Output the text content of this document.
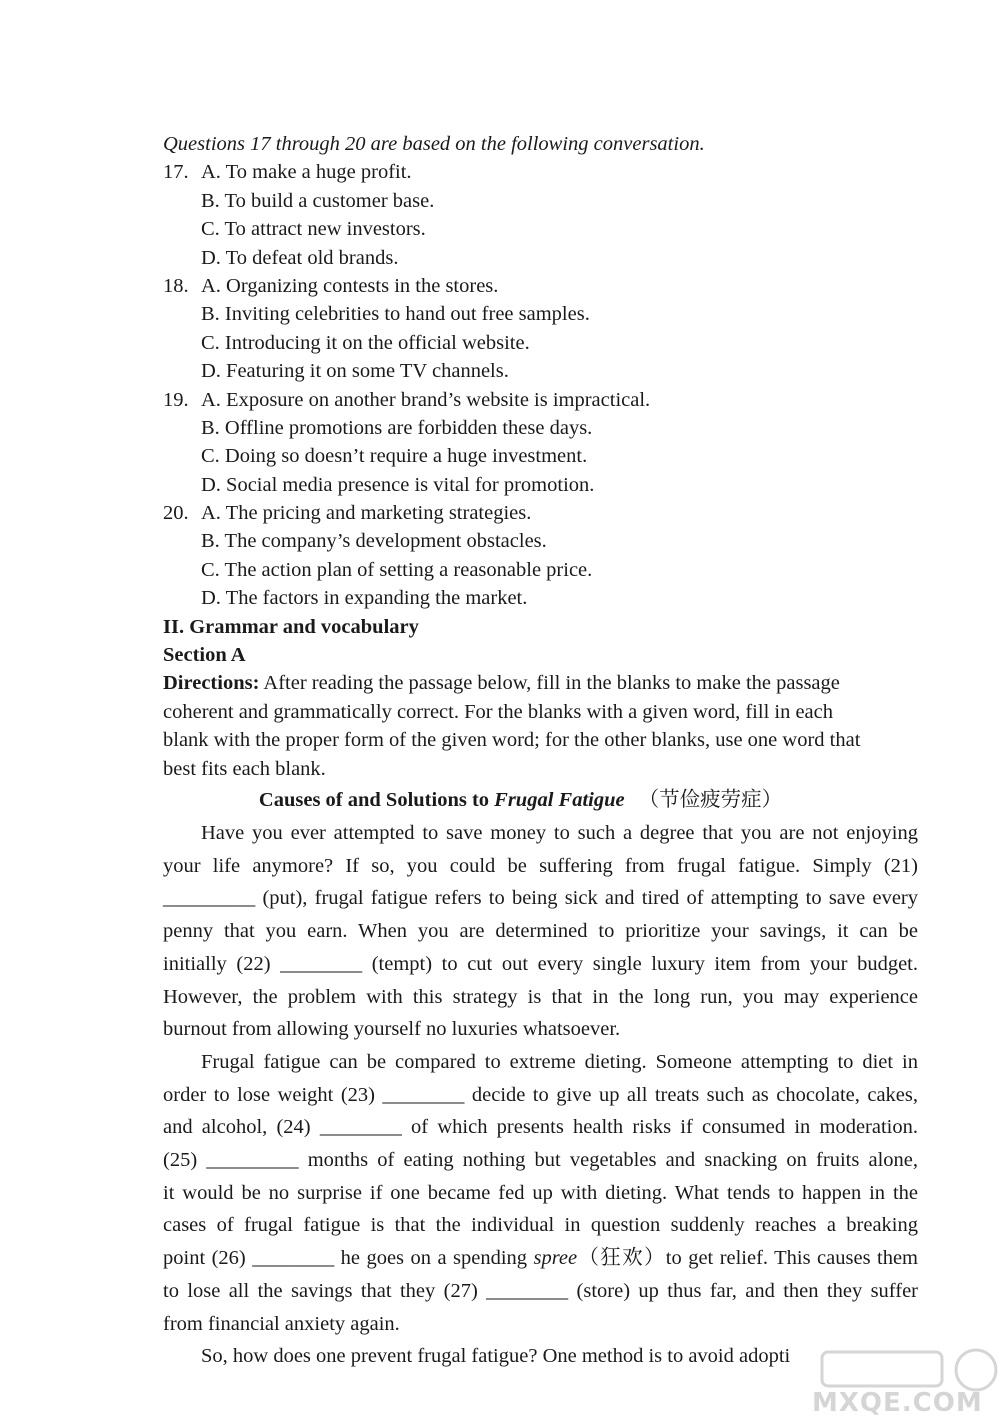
Questions 17 through 20 are based on the following conversation.
17. A. To make a huge profit.
B. To build a customer base.
C. To attract new investors.
D. To defeat old brands.
18. A. Organizing contests in the stores.
B. Inviting celebrities to hand out free samples.
C. Introducing it on the official website.
D. Featuring it on some TV channels.
19. A. Exposure on another brand’s website is impractical.
B. Offline promotions are forbidden these days.
C. Doing so doesn’t require a huge investment.
D. Social media presence is vital for promotion.
20. A. The pricing and marketing strategies.
B. The company’s development obstacles.
C. The action plan of setting a reasonable price.
D. The factors in expanding the market.
II. Grammar and vocabulary
Section A
Directions: After reading the passage below, fill in the blanks to make the passage
coherent and grammatically correct. For the blanks with a given word, fill in each
blank with the proper form of the given word; for the other blanks, use one word that
best fits each blank.
Causes of and Solutions to Frugal Fatigue （节俭疲劳症）
Have you ever attempted to save money to such a degree that you are not enjoying
your life anymore? If so, you could be suffering from frugal fatigue. Simply (21)
_________ (put), frugal fatigue refers to being sick and tired of attempting to save every
penny that you earn. When you are determined to prioritize your savings, it can be
initially (22) ________ (tempt) to cut out every single luxury item from your budget.
However, the problem with this strategy is that in the long run, you may experience
burnout from allowing yourself no luxuries whatsoever.
Frugal fatigue can be compared to extreme dieting. Someone attempting to diet in
order to lose weight (23) ________ decide to give up all treats such as chocolate, cakes,
and alcohol, (24) ________ of which presents health risks if consumed in moderation.
(25) _________ months of eating nothing but vegetables and snacking on fruits alone,
it would be no surprise if one became fed up with dieting. What tends to happen in the
cases of frugal fatigue is that the individual in question suddenly reaches a breaking
point (26) ________ he goes on a spending spree（狂欢）to get relief. This causes them
to lose all the savings that they (27) ________ (store) up thus far, and then they suffer
from financial anxiety again.
So, how does one prevent frugal fatigue? One method is to avoid adopti
MXQE.COM
